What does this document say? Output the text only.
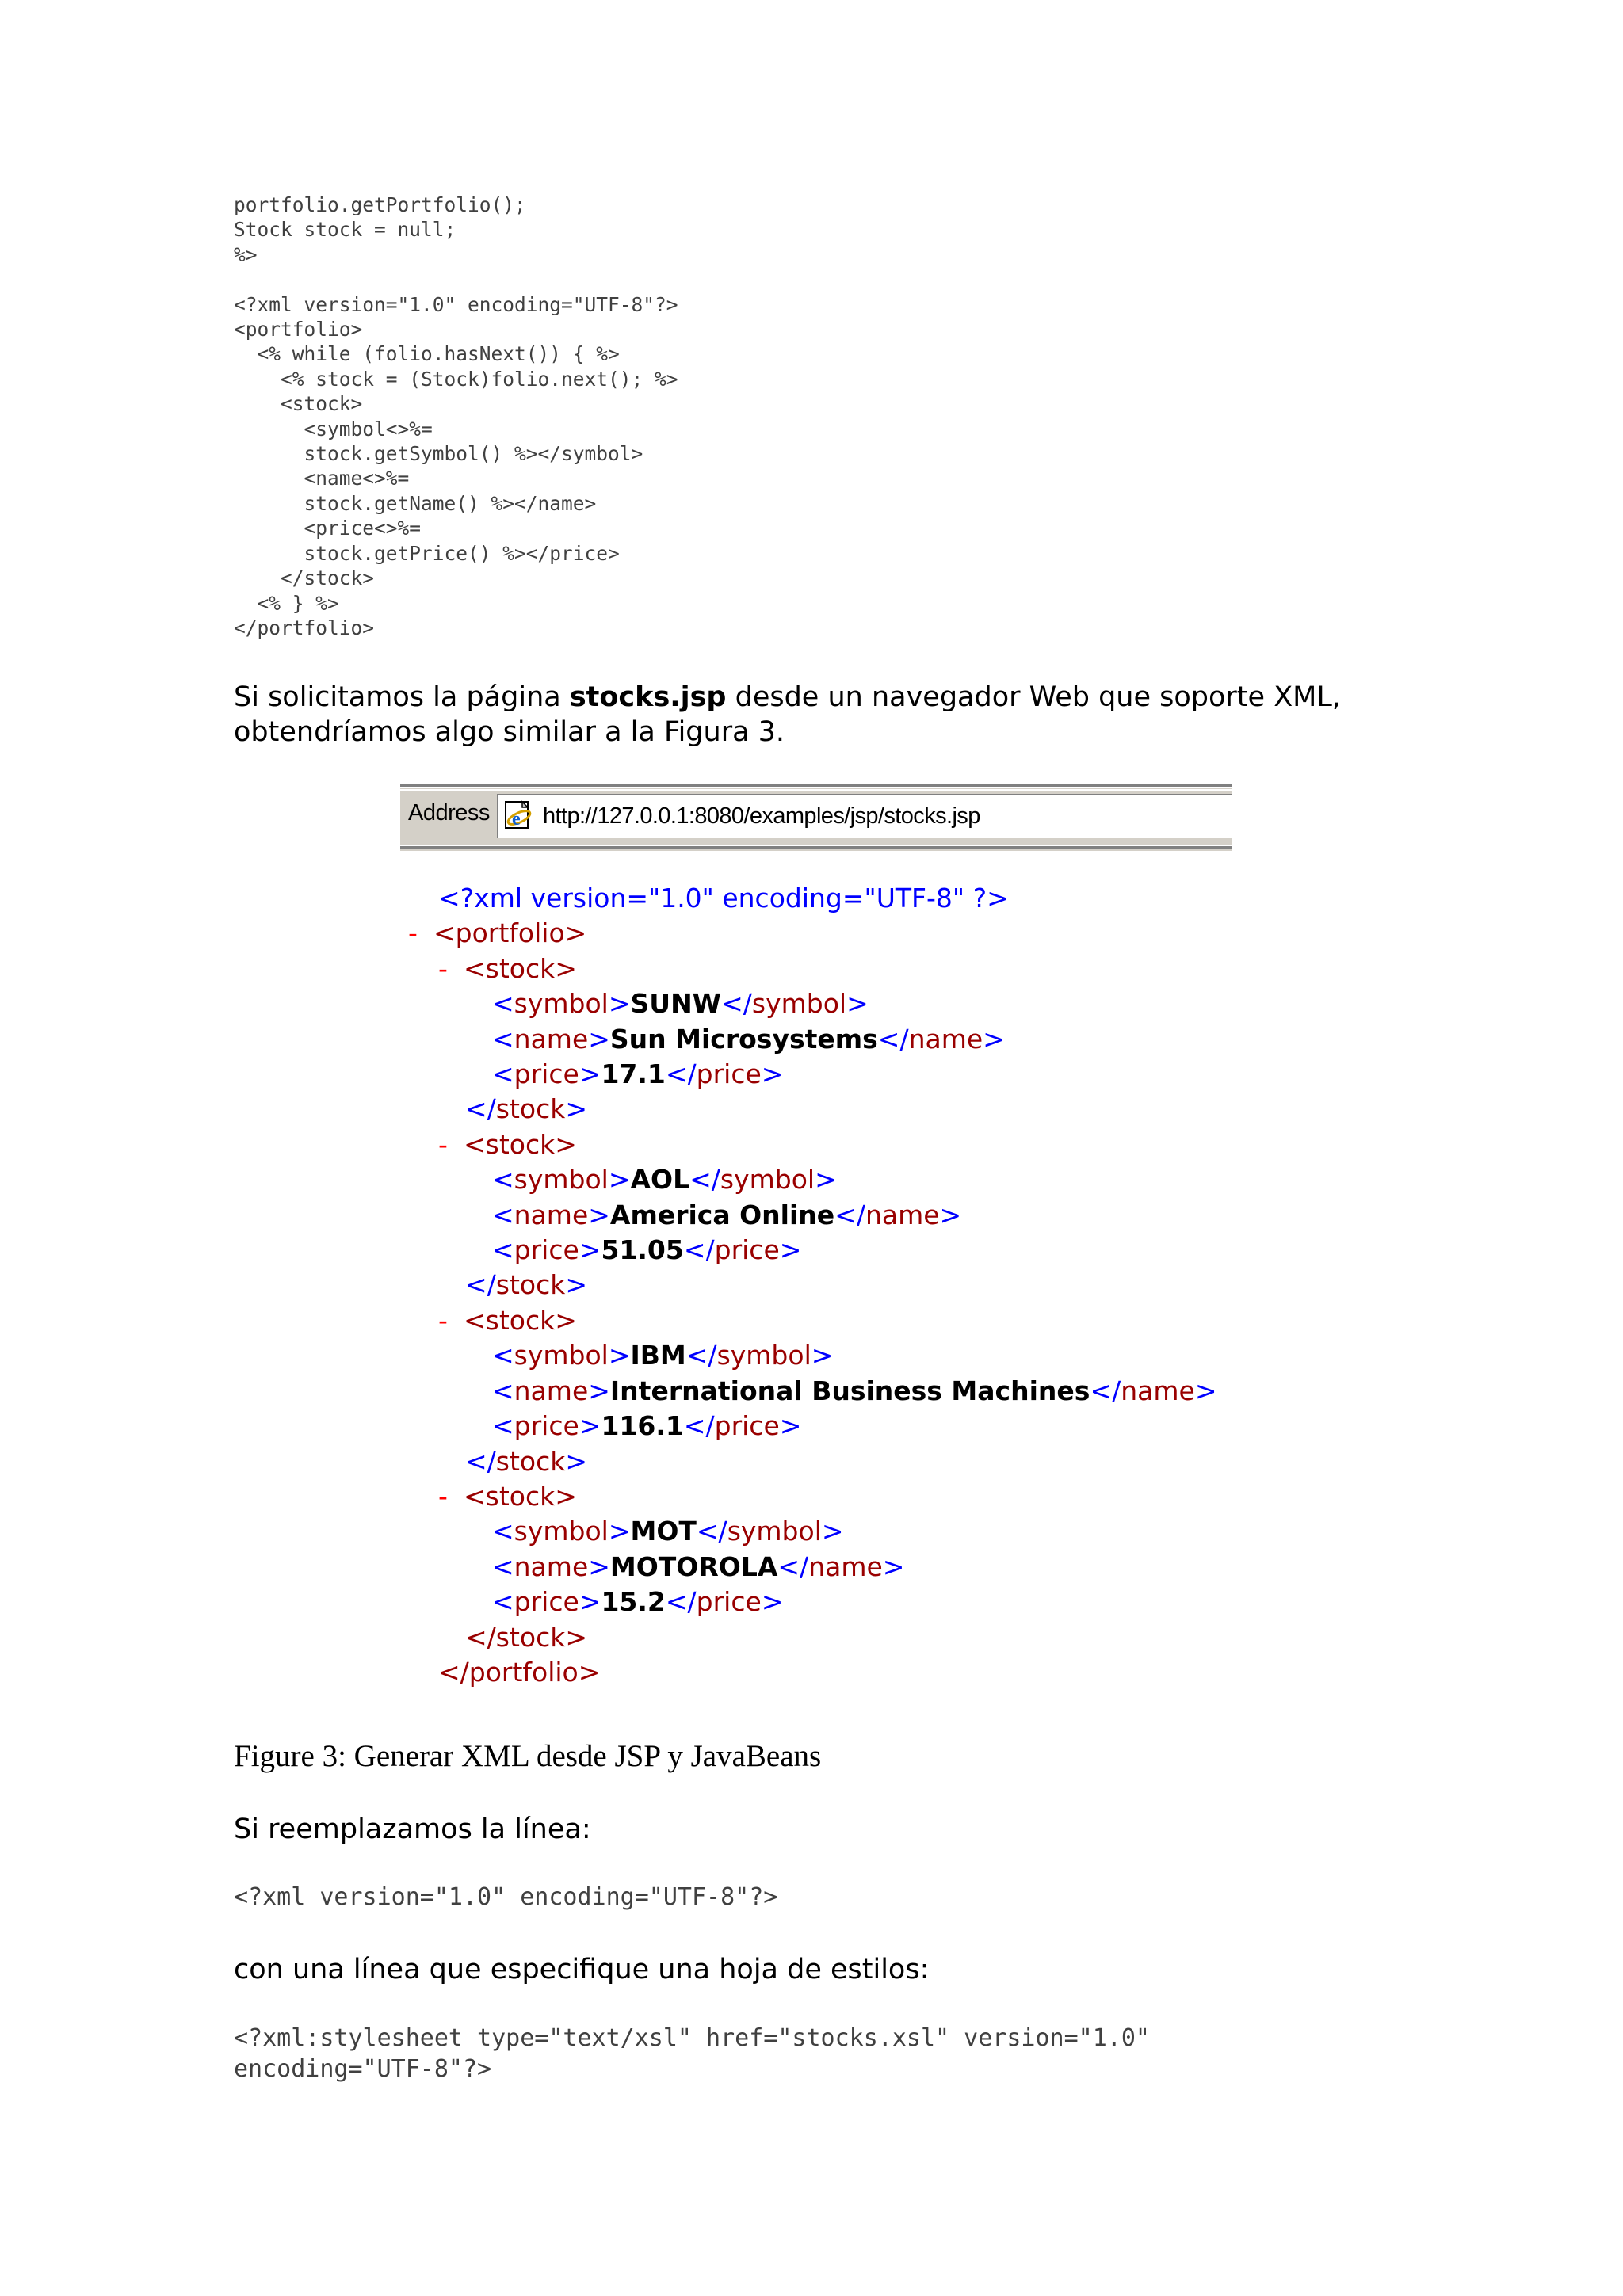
portfolio.getPortfolio();
Stock stock = null;
%>

<?xml version="1.0" encoding="UTF-8"?>
<portfolio>
<% while (folio.hasNext()) { %>
<% stock = (Stock)folio.next(); %>
<stock>
<symbol<>%=
stock.getSymbol() %></symbol>
<name<>%=
stock.getName() %></name>
<price<>%=
stock.getPrice() %></price>
</stock>
<% } %>
</portfolio>
Si solicitamos la página stocks.jsp desde un navegador Web que soporte XML,
obtendríamos algo similar a la Figura 3.
Address e http://127.0.0.1:8080/examples/jsp/stocks.jsp
<?xml version="1.0" encoding="UTF-8" ?>
- <portfolio>
- <stock>
<symbol>SUNW</symbol>
<name>Sun Microsystems</name>
<price>17.1</price>
</stock>
- <stock>
<symbol>AOL</symbol>
<name>America Online</name>
<price>51.05</price>
</stock>
- <stock>
<symbol>IBM</symbol>
<name>International Business Machines</name>
<price>116.1</price>
</stock>
- <stock>
<symbol>MOT</symbol>
<name>MOTOROLA</name>
<price>15.2</price>
</stock>
</portfolio>
Figure 3: Generar XML desde JSP y JavaBeans
Si reemplazamos la línea:
<?xml version="1.0" encoding="UTF-8"?>
con una línea que especifique una hoja de estilos:
<?xml:stylesheet type="text/xsl" href="stocks.xsl" version="1.0"
encoding="UTF-8"?>
